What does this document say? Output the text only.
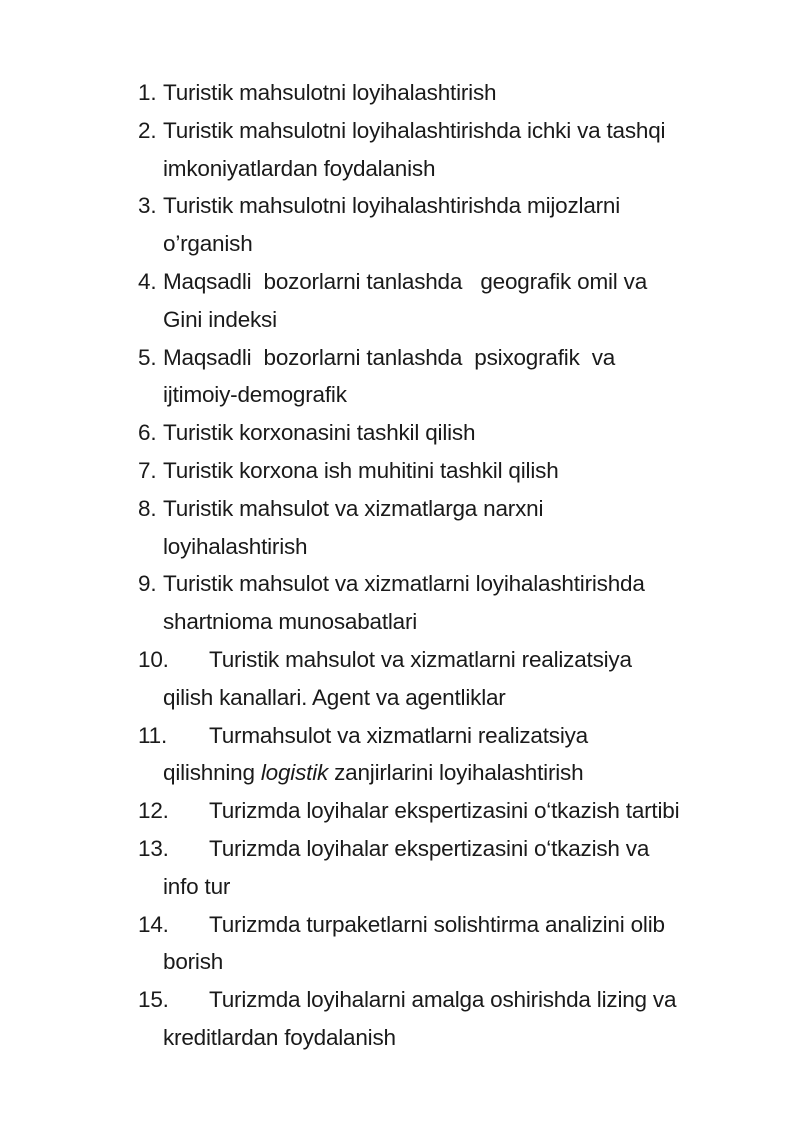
1. Turistik mahsulotni loyihalashtirish
2. Turistik mahsulotni loyihalashtirishda ichki va tashqi
imkoniyatlardan foydalanish
3. Turistik mahsulotni loyihalashtirishda mijozlarni
o’rganish
4. Maqsadli  bozorlarni tanlashda   geografik omil va
Gini indeksi
5. Maqsadli  bozorlarni tanlashda  psixografik  va
ijtimoiy-demografik
6. Turistik korxonasini tashkil qilish
7. Turistik korxona ish muhitini tashkil qilish
8. Turistik mahsulot va xizmatlarga narxni
loyihalashtirish
9. Turistik mahsulot va xizmatlarni loyihalashtirishda
shartnioma munosabatlari
10.	Turistik mahsulot va xizmatlarni realizatsiya
qilish kanallari. Agent va agentliklar
11.	Turmahsulot va xizmatlarni realizatsiya
qilishning logistik zanjirlarini loyihalashtirish
12.	Turizmda loyihalar ekspertizasini o‘tkazish tartibi
13.	Turizmda loyihalar ekspertizasini o‘tkazish va
info tur
14.	Turizmda turpaketlarni solishtirma analizini olib
borish
15.	Turizmda loyihalarni amalga oshirishda lizing va
kreditlardan foydalanish
